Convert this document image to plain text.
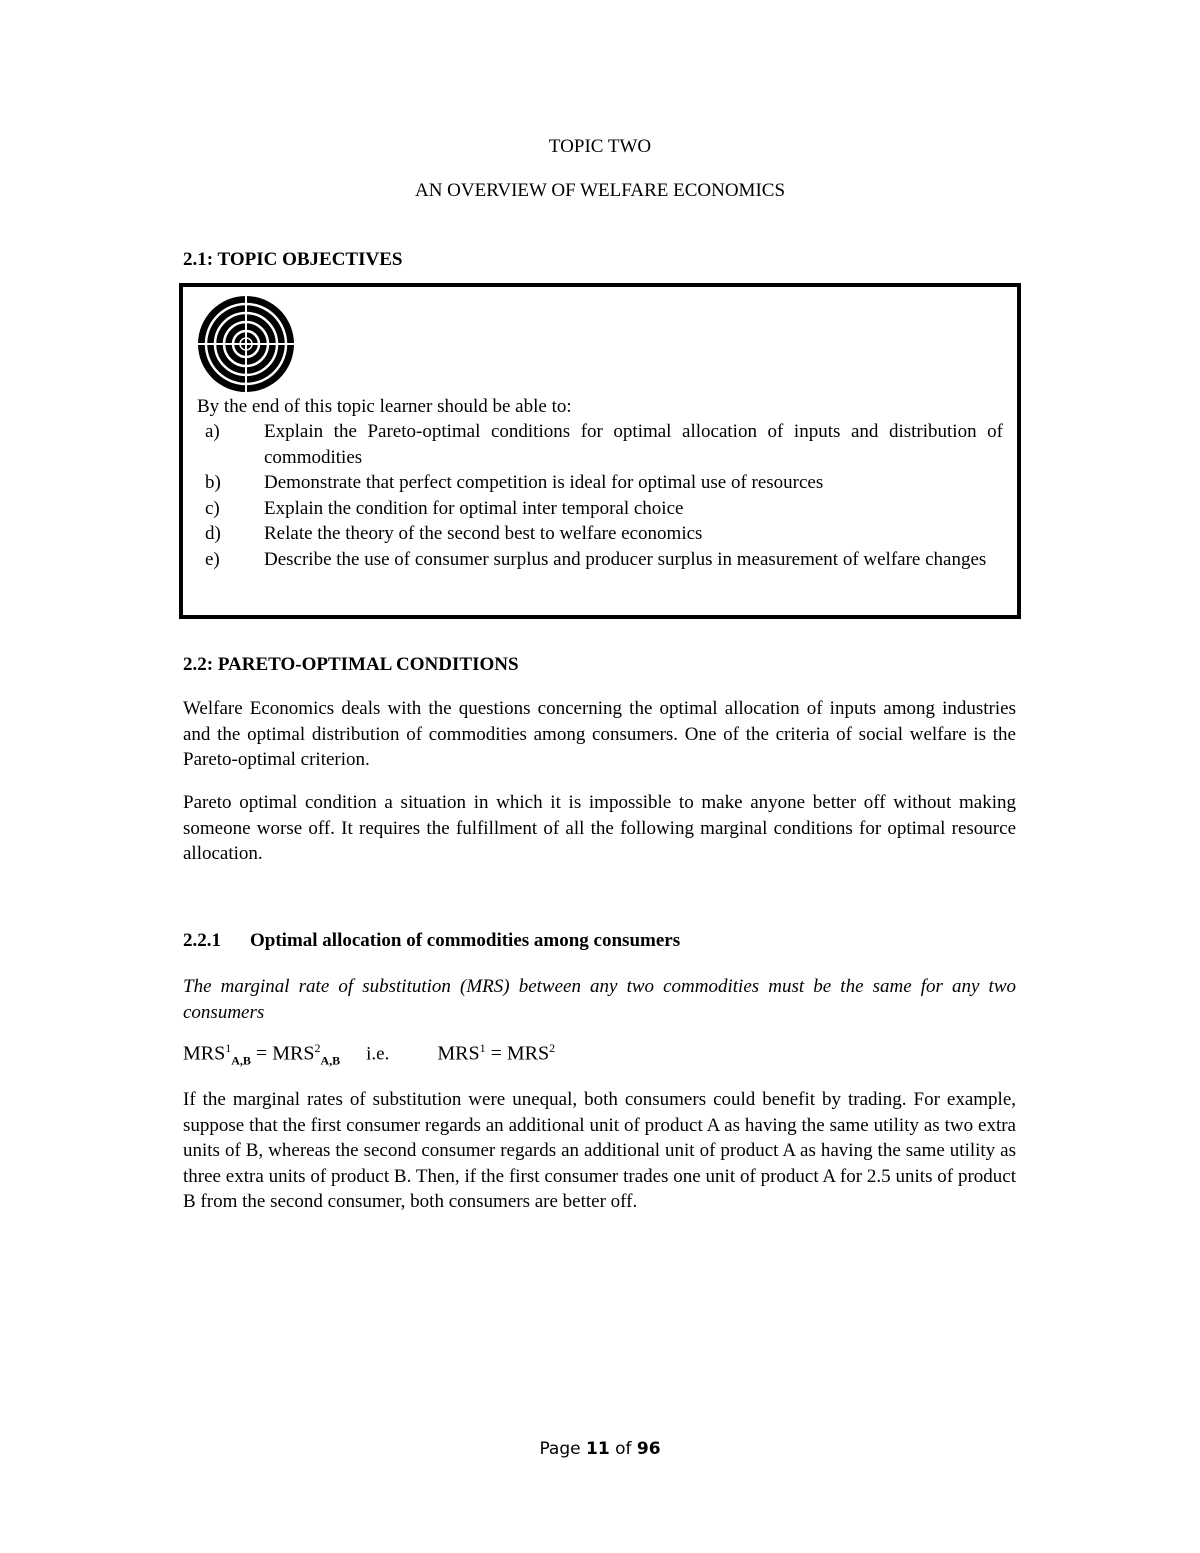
TOPIC TWO
AN OVERVIEW OF WELFARE ECONOMICS
2.1: TOPIC OBJECTIVES
By the end of this topic learner should be able to:
a) Explain the Pareto-optimal conditions for optimal allocation of inputs and distribution of commodities
b) Demonstrate that perfect competition is ideal for optimal use of resources
c) Explain the condition for optimal inter temporal choice
d) Relate the theory of the second best to welfare economics
e) Describe the use of consumer surplus and producer surplus in measurement of welfare changes
2.2: PARETO-OPTIMAL CONDITIONS
Welfare Economics deals with the questions concerning the optimal allocation of inputs among industries and the optimal distribution of commodities among consumers. One of the criteria of social welfare is the Pareto-optimal criterion.
Pareto optimal condition a situation in which it is impossible to make anyone better off without making someone worse off. It requires the fulfillment of all the following marginal conditions for optimal resource allocation.
2.2.1 Optimal allocation of commodities among consumers
The marginal rate of substitution (MRS) between any two commodities must be the same for any two consumers
$MRS^1_{A,B} = MRS^2_{A,B}$ i.e. $MRS^1 = MRS^2$
If the marginal rates of substitution were unequal, both consumers could benefit by trading. For example, suppose that the first consumer regards an additional unit of product A as having the same utility as two extra units of B, whereas the second consumer regards an additional unit of product A as having the same utility as three extra units of product B. Then, if the first consumer trades one unit of product A for 2.5 units of product B from the second consumer, both consumers are better off.
Page 11 of 96
